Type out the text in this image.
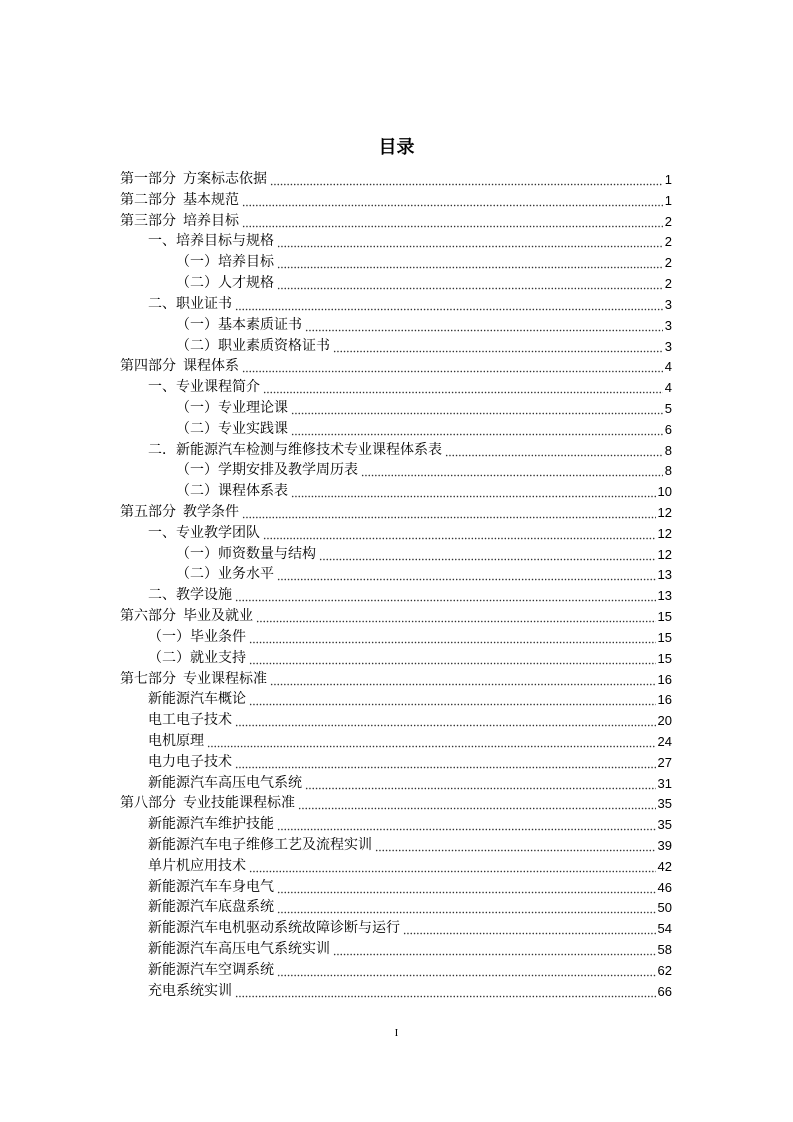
目录
第一部分  方案标志依据	1
第二部分  基本规范	1
第三部分  培养目标	2
一、培养目标与规格	2
（一）培养目标	2
（二）人才规格	2
二、职业证书	3
（一）基本素质证书	3
（二）职业素质资格证书	3
第四部分  课程体系	4
一、专业课程简介	4
（一）专业理论课	5
（二）专业实践课	6
二．新能源汽车检测与维修技术专业课程体系表	8
（一）学期安排及教学周历表	8
（二）课程体系表	10
第五部分  教学条件	12
一、专业教学团队	12
（一）师资数量与结构	12
（二）业务水平	13
二、教学设施	13
第六部分  毕业及就业	15
（一）毕业条件	15
（二）就业支持	15
第七部分  专业课程标准	16
新能源汽车概论	16
电工电子技术	20
电机原理	24
电力电子技术	27
新能源汽车高压电气系统	31
第八部分  专业技能课程标准	35
新能源汽车维护技能	35
新能源汽车电子维修工艺及流程实训	39
单片机应用技术	42
新能源汽车车身电气	46
新能源汽车底盘系统	50
新能源汽车电机驱动系统故障诊断与运行	54
新能源汽车高压电气系统实训	58
新能源汽车空调系统	62
充电系统实训	66
I
